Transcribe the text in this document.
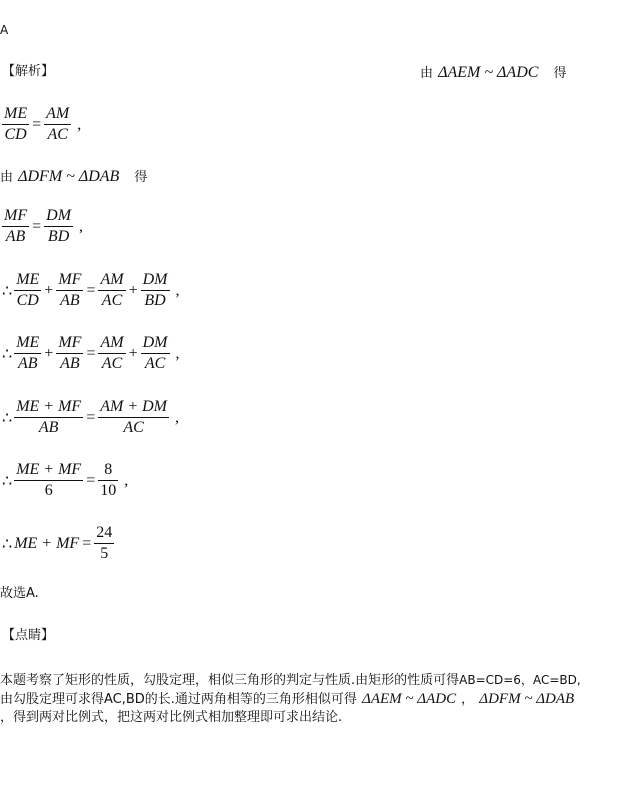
A
【解析】	由 ΔAEM ~ ΔADC 得
$\frac{ME}{CD} = \frac{AM}{AC}$ ,
由 ΔDFM ~ ΔDAB 得
$\frac{MF}{AB} = \frac{DM}{BD}$ ,
∴ $\frac{ME}{CD} + \frac{MF}{AB} = \frac{AM}{AC} + \frac{DM}{BD}$ ,
∴ $\frac{ME}{AB} + \frac{MF}{AB} = \frac{AM}{AC} + \frac{DM}{AC}$ ,
∴ $\frac{ME + MF}{AB} = \frac{AM + DM}{AC}$ ,
∴ $\frac{ME + MF}{6} = \frac{8}{10}$ ,
∴ ME + MF = $\frac{24}{5}$
故选A.
【点睛】
本题考察了矩形的性质，勾股定理，相似三角形的判定与性质.由矩形的性质可得AB=CD=6，AC=BD,
由勾股定理可求得AC,BD的长.通过两角相等的三角形相似可得 ΔAEM ~ ΔADC ， ΔDFM ~ ΔDAB
，得到两对比例式，把这两对比例式相加整理即可求出结论.
